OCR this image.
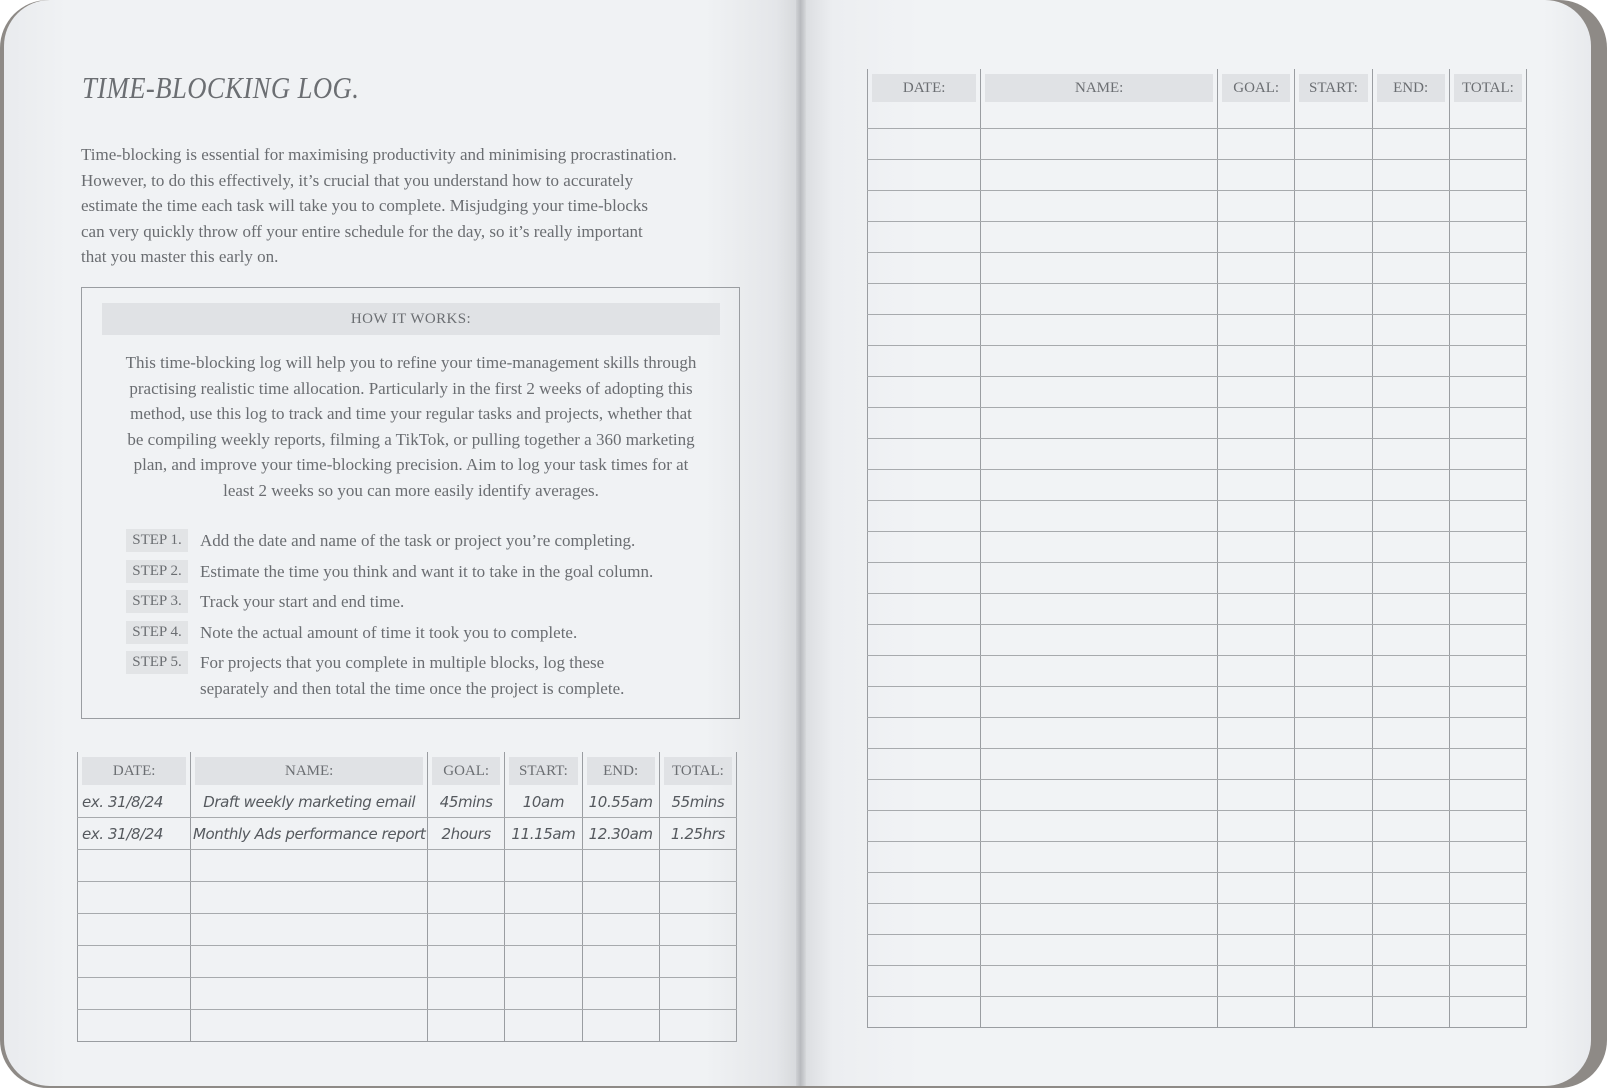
TIME-BLOCKING LOG.
Time-blocking is essential for maximising productivity and minimising procrastination.
However, to do this effectively, it’s crucial that you understand how to accurately
estimate the time each task will take you to complete. Misjudging your time-blocks
can very quickly throw off your entire schedule for the day, so it’s really important
that you master this early on.
HOW IT WORKS:
This time-blocking log will help you to refine your time-management skills through
practising realistic time allocation. Particularly in the first 2 weeks of adopting this
method, use this log to track and time your regular tasks and projects, whether that
be compiling weekly reports, filming a TikTok, or pulling together a 360 marketing
plan, and improve your time-blocking precision. Aim to log your task times for at
least 2 weeks so you can more easily identify averages.
STEP 1.	Add the date and name of the task or project you’re completing.
STEP 2.	Estimate the time you think and want it to take in the goal column.
STEP 3.	Track your start and end time.
STEP 4.	Note the actual amount of time it took you to complete.
STEP 5.	For projects that you complete in multiple blocks, log these
separately and then total the time once the project is complete.
DATE:	NAME:	GOAL:	START:	END:	TOTAL:

ex. 31/8/24	Draft weekly marketing email	45mins	10am	10.55am	55mins
ex. 31/8/24	Monthly Ads performance report	2hours	11.15am	12.30am	1.25hrs

DATE:	NAME:	GOAL:	START:	END:	TOTAL:
